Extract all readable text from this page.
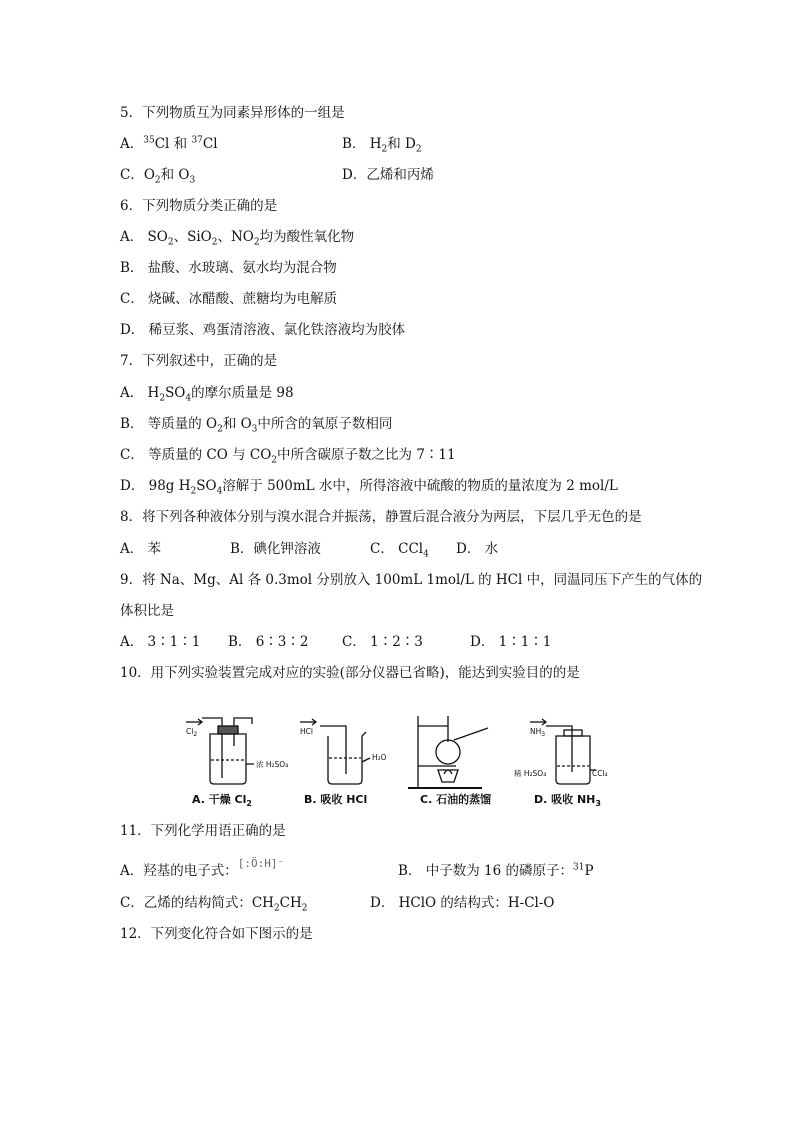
5．下列物质互为同素异形体的一组是
A．$^{35}$Cl 和 $^{37}$Cl	B． $H_2$和 $D_2$
C．$O_2$和 $O_3$	D．乙烯和丙烯
6．下列物质分类正确的是
A． $SO_2$、SiO$_2$、$NO_2$均为酸性氧化物
B． 盐酸、水玻璃、氨水均为混合物
C． 烧碱、冰醋酸、蔗糖均为电解质
D． 稀豆浆、鸡蛋清溶液、氯化铁溶液均为胶体
7．下列叙述中，正确的是
A． $H_2SO_4$的摩尔质量是 98
B． 等质量的 $O_2$和 $O_3$中所含的氧原子数相同
C． 等质量的 CO 与 $CO_2$中所含碳原子数之比为 7∶11
D． 98g $H_2SO_4$溶解于 500mL 水中，所得溶液中硫酸的物质的量浓度为 2 mol/L
8．将下列各种液体分别与溴水混合并振荡，静置后混合液分为两层，下层几乎无色的是
A． 苯	B．碘化钾溶液	C． CCl$_4$ D． 水
9．将 Na、Mg、Al 各 0.3mol 分别放入 100mL 1mol/L 的 HCl 中，同温同压下产生的气体的
体积比是
A． 3∶1∶1 B． 6∶3∶2 C． 1∶2∶3	D． 1∶1∶1
10．用下列实验装置完成对应的实验(部分仪器已省略)，能达到实验目的的是
$Cl_2$
浓 H₂SO₄
A. 干燥 $Cl_2$
HCl
H₂O
B. 吸收 HCl	C. 石油的蒸馏
$NH_3$
稀 H₂SO₄	CCl₄
D. 吸收 $NH_3$
11．下列化学用语正确的是
A．羟基的电子式：$^{[:Ö:H]^-}$	B． 中子数为 16 的磷原子：$^{31}$P
C．乙烯的结构简式：$CH_2CH_2$	D． HClO 的结构式：H-Cl-O
12．下列变化符合如下图示的是
